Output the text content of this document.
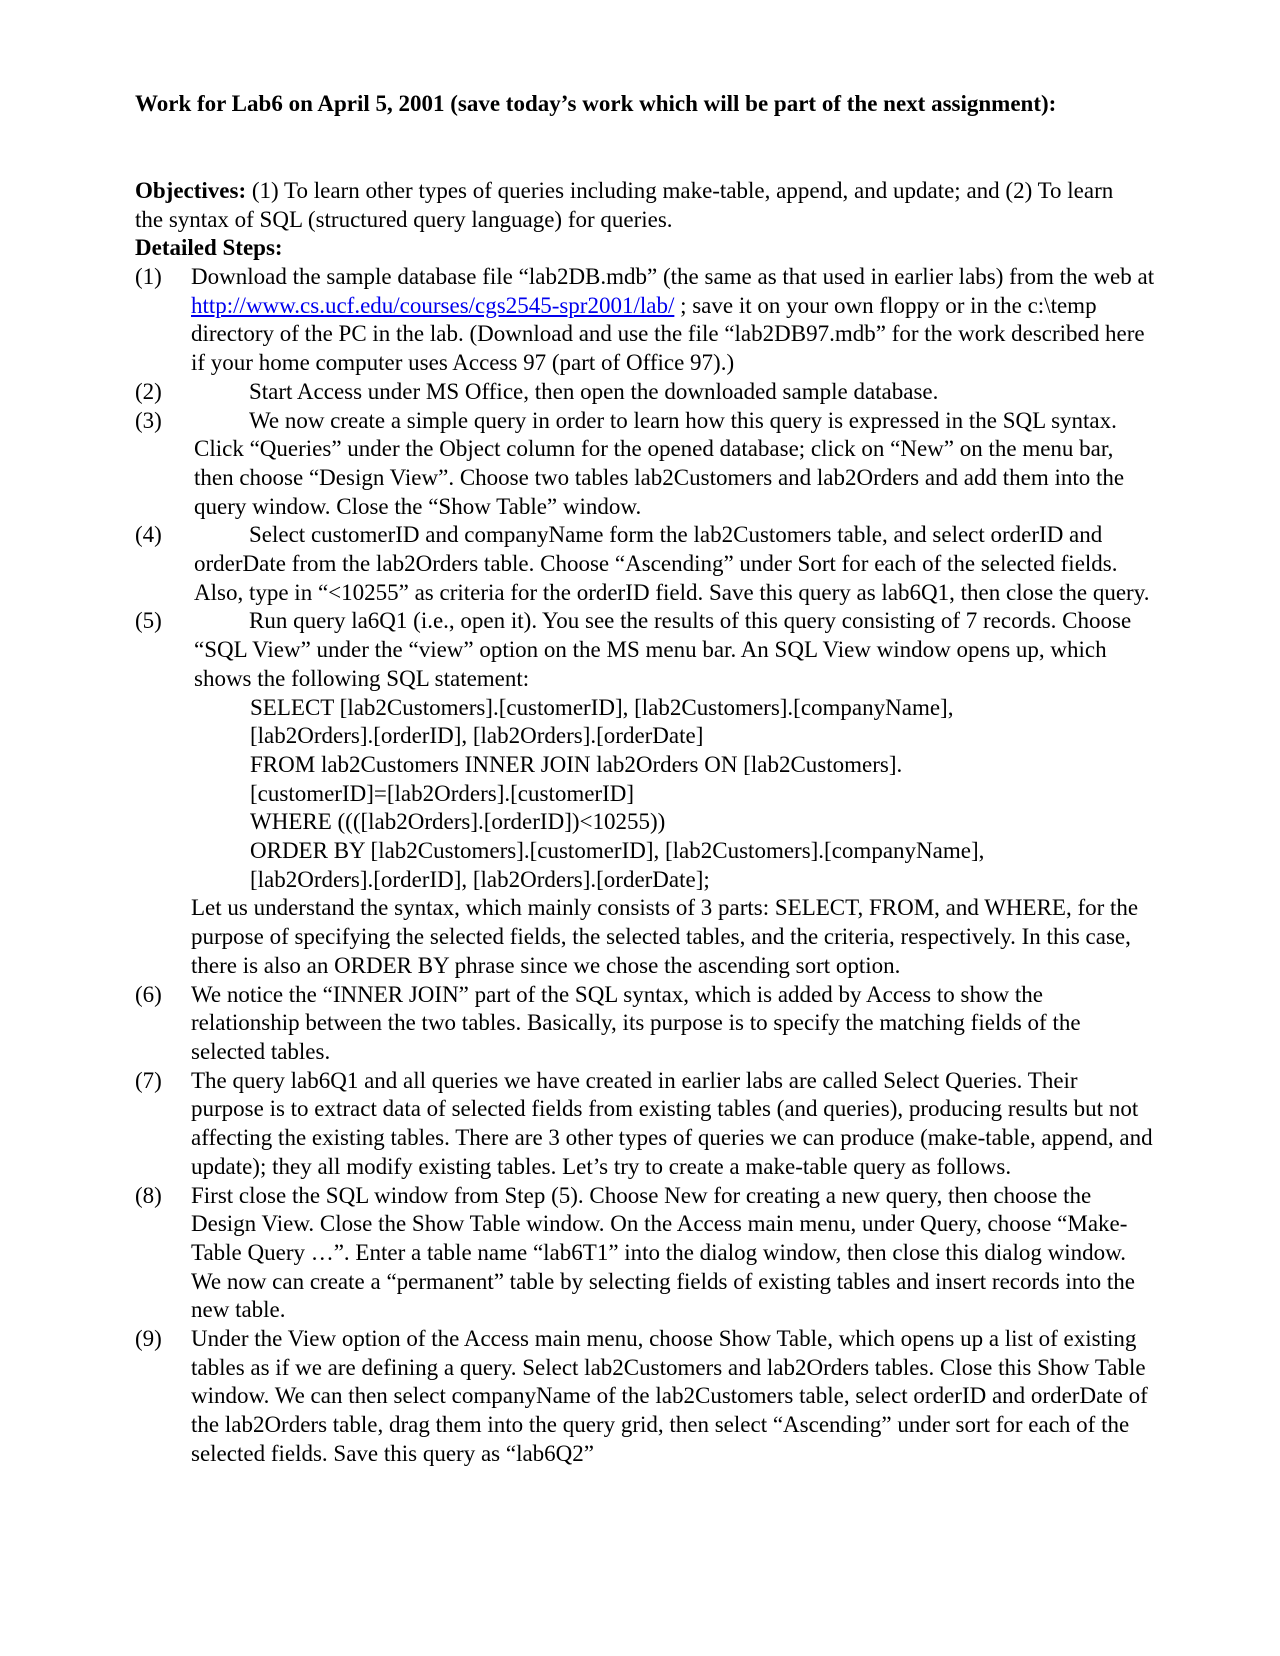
Work for Lab6 on April 5, 2001 (save today’s work which will be part of the next assignment):
Objectives: (1) To learn other types of queries including make-table, append, and update; and (2) To learn the syntax of SQL (structured query language) for queries.
Detailed Steps:
(1) Download the sample database file “lab2DB.mdb” (the same as that used in earlier labs) from the web at http://www.cs.ucf.edu/courses/cgs2545-spr2001/lab/ ; save it on your own floppy or in the c:\temp directory of the PC in the lab. (Download and use the file “lab2DB97.mdb” for the work described here if your home computer uses Access 97 (part of Office 97).)
(2)	Start Access under MS Office, then open the downloaded sample database.
(3)	We now create a simple query in order to learn how this query is expressed in the SQL syntax. Click “Queries” under the Object column for the opened database; click on “New” on the menu bar, then choose “Design View”. Choose two tables lab2Customers and lab2Orders and add them into the query window. Close the “Show Table” window.
(4)	Select customerID and companyName form the lab2Customers table, and select orderID and orderDate from the lab2Orders table. Choose “Ascending” under Sort for each of the selected fields. Also, type in “<10255” as criteria for the orderID field. Save this query as lab6Q1, then close the query.
(5)	Run query la6Q1 (i.e., open it). You see the results of this query consisting of 7 records. Choose “SQL View” under the “view” option on the MS menu bar. An SQL View window opens up, which shows the following SQL statement:
SELECT [lab2Customers].[customerID], [lab2Customers].[companyName],
[lab2Orders].[orderID], [lab2Orders].[orderDate]
FROM lab2Customers INNER JOIN lab2Orders ON [lab2Customers].
[customerID]=[lab2Orders].[customerID]
WHERE ((([lab2Orders].[orderID])<10255))
ORDER BY [lab2Customers].[customerID], [lab2Customers].[companyName],
[lab2Orders].[orderID], [lab2Orders].[orderDate];
Let us understand the syntax, which mainly consists of 3 parts: SELECT, FROM, and WHERE, for the purpose of specifying the selected fields, the selected tables, and the criteria, respectively. In this case, there is also an ORDER BY phrase since we chose the ascending sort option.
(6) We notice the “INNER JOIN” part of the SQL syntax, which is added by Access to show the relationship between the two tables. Basically, its purpose is to specify the matching fields of the selected tables.
(7) The query lab6Q1 and all queries we have created in earlier labs are called Select Queries. Their purpose is to extract data of selected fields from existing tables (and queries), producing results but not affecting the existing tables. There are 3 other types of queries we can produce (make-table, append, and update); they all modify existing tables. Let’s try to create a make-table query as follows.
(8) First close the SQL window from Step (5). Choose New for creating a new query, then choose the Design View. Close the Show Table window. On the Access main menu, under Query, choose “Make-Table Query …”. Enter a table name “lab6T1” into the dialog window, then close this dialog window. We now can create a “permanent” table by selecting fields of existing tables and insert records into the new table.
(9) Under the View option of the Access main menu, choose Show Table, which opens up a list of existing tables as if we are defining a query. Select lab2Customers and lab2Orders tables. Close this Show Table window. We can then select companyName of the lab2Customers table, select orderID and orderDate of the lab2Orders table, drag them into the query grid, then select “Ascending” under sort for each of the selected fields. Save this query as “lab6Q2”
